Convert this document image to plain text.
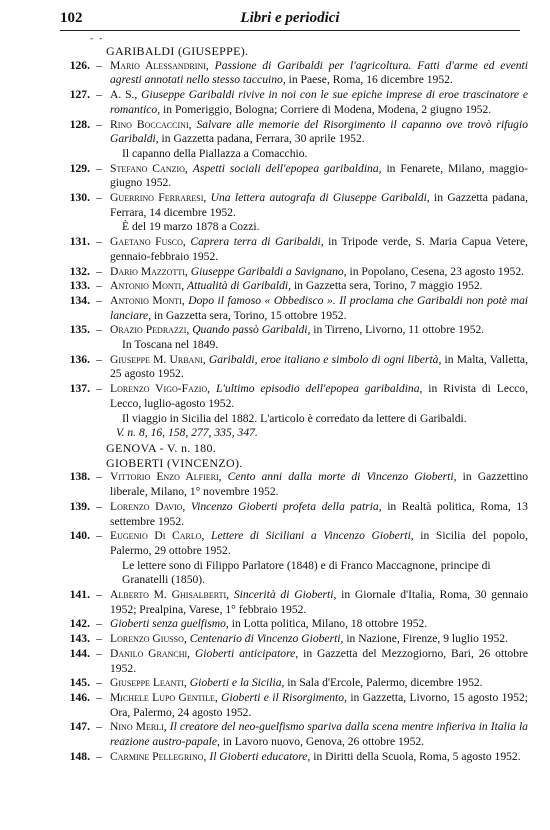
102	Libri e periodici
- -
GARIBALDI (GIUSEPPE).
126. – Mario Alessandrini, Passione di Garibaldi per l'agricoltura. Fatti d'arme ed eventi agresti annotati nello stesso taccuino, in Paese, Roma, 16 dicembre 1952.
127. – A. S., Giuseppe Garibaldi rivive in noi con le sue epiche imprese di eroe trascinatore e romantico, in Pomeriggio, Bologna; Corriere di Modena, Modena, 2 giugno 1952.
128. – Rino Boccaccini, Salvare alle memorie del Risorgimento il capanno ove trovò rifugio Garibaldi, in Gazzetta padana, Ferrara, 30 aprile 1952.
Il capanno della Piallazza a Comacchio.
129. – Stefano Canzio, Aspetti sociali dell'epopea garibaldina, in Fenarete, Milano, maggio-giugno 1952.
130. – Guerrino Ferraresi, Una lettera autografa di Giuseppe Garibaldi, in Gazzetta padana, Ferrara, 14 dicembre 1952.
È del 19 marzo 1878 a Cozzi.
131. – Gaetano Fusco, Caprera terra di Garibaldi, in Tripode verde, S. Maria Capua Vetere, gennaio-febbraio 1952.
132. – Dario Mazzotti, Giuseppe Garibaldi a Savignano, in Popolano, Cesena, 23 agosto 1952.
133. – Antonio Monti, Attualità di Garibaldi, in Gazzetta sera, Torino, 7 maggio 1952.
134. – Antonio Monti, Dopo il famoso « Obbedisco ». Il proclama che Garibaldi non potè mai lanciare, in Gazzetta sera, Torino, 15 ottobre 1952.
135. – Orazio Pedrazzi, Quando passò Garibaldi, in Tirreno, Livorno, 11 ottobre 1952.
In Toscana nel 1849.
136. – Giuseppe M. Urbani, Garibaldi, eroe italiano e simbolo di ogni libertà, in Malta, Valletta, 25 agosto 1952.
137. – Lorenzo Vigo-Fazio, L'ultimo episodio dell'epopea garibaldina, in Rivista di Lecco, Lecco, luglio-agosto 1952.
Il viaggio in Sicilia del 1882. L'articolo è corredato da lettere di Garibaldi.
V. n. 8, 16, 158, 277, 335, 347.
GENOVA - V. n. 180.
GIOBERTI (VINCENZO).
138. – Vittorio Enzo Alfieri, Cento anni dalla morte di Vincenzo Gioberti, in Gazzettino liberale, Milano, 1° novembre 1952.
139. – Lorenzo Davio, Vincenzo Gioberti profeta della patria, in Realtà politica, Roma, 13 settembre 1952.
140. – Eugenio Di Carlo, Lettere di Siciliani a Vincenzo Gioberti, in Sicilia del popolo, Palermo, 29 ottobre 1952.
Le lettere sono di Filippo Parlatore (1848) e di Franco Maccagnone, principe di Granatelli (1850).
141. – Alberto M. Ghisalberti, Sincerità di Gioberti, in Giornale d'Italia, Roma, 30 gennaio 1952; Prealpina, Varese, 1° febbraio 1952.
142. – Gioberti senza guelfismo, in Lotta politica, Milano, 18 ottobre 1952.
143. – Lorenzo Giusso, Centenario di Vincenzo Gioberti, in Nazione, Firenze, 9 luglio 1952.
144. – Danilo Granchi, Gioberti anticipatore, in Gazzetta del Mezzogiorno, Bari, 26 ottobre 1952.
145. – Giuseppe Leanti, Gioberti e la Sicilia, in Sala d'Ercole, Palermo, dicembre 1952.
146. – Michele Lupo Gentile, Gioberti e il Risorgimento, in Gazzetta, Livorno, 15 agosto 1952; Ora, Palermo, 24 agosto 1952.
147. – Nino Merli, Il creatore del neo-guelfismo spariva dalla scena mentre infieriva in Italia la reazione austro-papale, in Lavoro nuovo, Genova, 26 ottobre 1952.
148. – Carmine Pellegrino, Il Gioberti educatore, in Diritti della Scuola, Roma, 5 agosto 1952.
